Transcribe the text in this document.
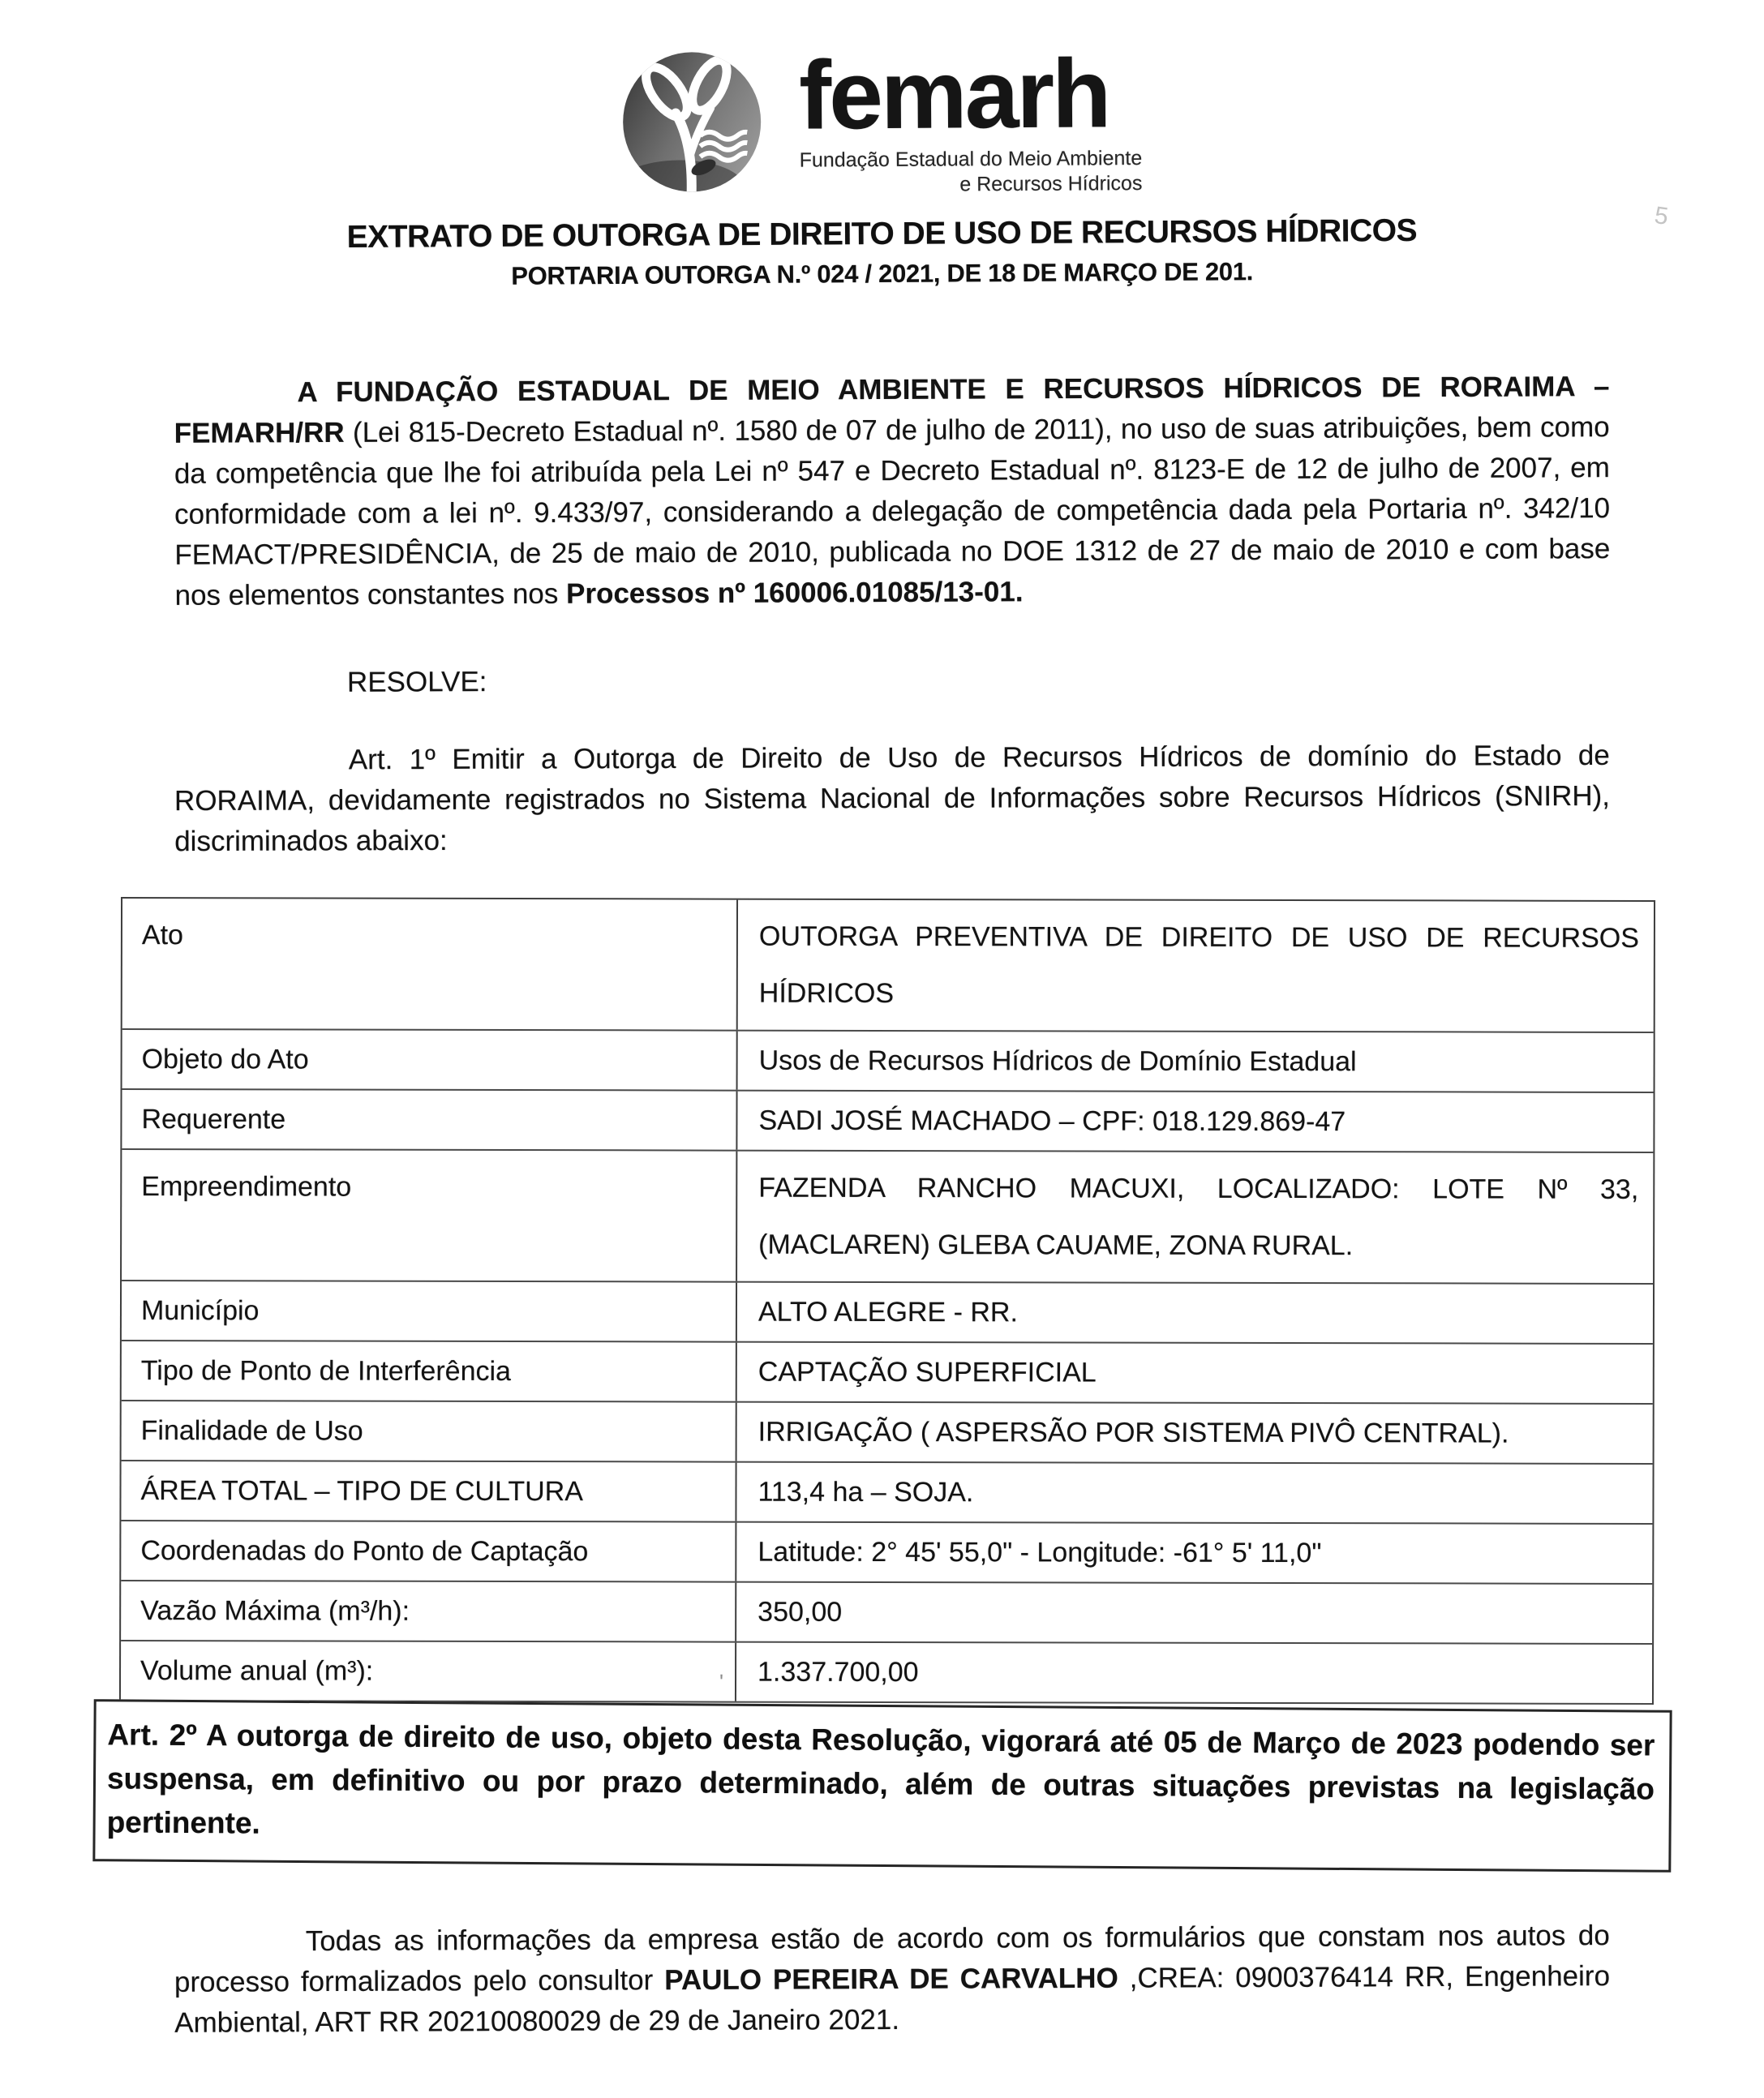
5
femarh
Fundação Estadual do Meio Ambiente
e Recursos Hídricos
EXTRATO DE OUTORGA DE DIREITO DE USO DE RECURSOS HÍDRICOS
PORTARIA OUTORGA N.º 024 / 2021, DE 18 DE MARÇO DE 201.

A FUNDAÇÃO ESTADUAL DE MEIO AMBIENTE E RECURSOS HÍDRICOS DE RORAIMA – FEMARH/RR (Lei 815-Decreto Estadual nº. 1580 de 07 de julho de 2011), no uso de suas atribuições, bem como da competência que lhe foi atribuída pela Lei nº 547 e Decreto Estadual nº. 8123-E de 12 de julho de 2007, em conformidade com a lei nº. 9.433/97, considerando a delegação de competência dada pela Portaria nº. 342/10 FEMACT/PRESIDÊNCIA, de 25 de maio de 2010, publicada no DOE 1312 de 27 de maio de 2010 e com base nos elementos constantes nos Processos nº 160006.01085/13-01.

RESOLVE:

Art. 1º Emitir a Outorga de Direito de Uso de Recursos Hídricos de domínio do Estado de RORAIMA, devidamente registrados no Sistema Nacional de Informações sobre Recursos Hídricos (SNIRH), discriminados abaixo:

Ato	OUTORGA PREVENTIVA DE DIREITO DE USO DE RECURSOS HÍDRICOS
Objeto do Ato	Usos de Recursos Hídricos de Domínio Estadual
Requerente	SADI JOSÉ MACHADO – CPF: 018.129.869-47
Empreendimento	FAZENDA RANCHO MACUXI, LOCALIZADO: LOTE Nº 33, (MACLAREN) GLEBA CAUAME, ZONA RURAL.
Município	ALTO ALEGRE - RR.
Tipo de Ponto de Interferência	CAPTAÇÃO SUPERFICIAL
Finalidade de Uso	IRRIGAÇÃO ( ASPERSÃO POR SISTEMA PIVÔ CENTRAL).
ÁREA TOTAL – TIPO DE CULTURA	113,4 ha – SOJA.
Coordenadas do Ponto de Captação	Latitude: 2° 45' 55,0" - Longitude: -61° 5' 11,0"
Vazão Máxima (m³/h):	350,00
Volume anual (m³):	'	1.337.700,00
Art. 2º A outorga de direito de uso, objeto desta Resolução, vigorará até 05 de Março de 2023 podendo ser suspensa, em definitivo ou por prazo determinado, além de outras situações previstas na legislação pertinente.

Todas as informações da empresa estão de acordo com os formulários que constam nos autos do processo formalizados pelo consultor PAULO PEREIRA DE CARVALHO ,CREA: 0900376414 RR, Engenheiro Ambiental, ART RR 20210080029 de 29 de Janeiro 2021.
